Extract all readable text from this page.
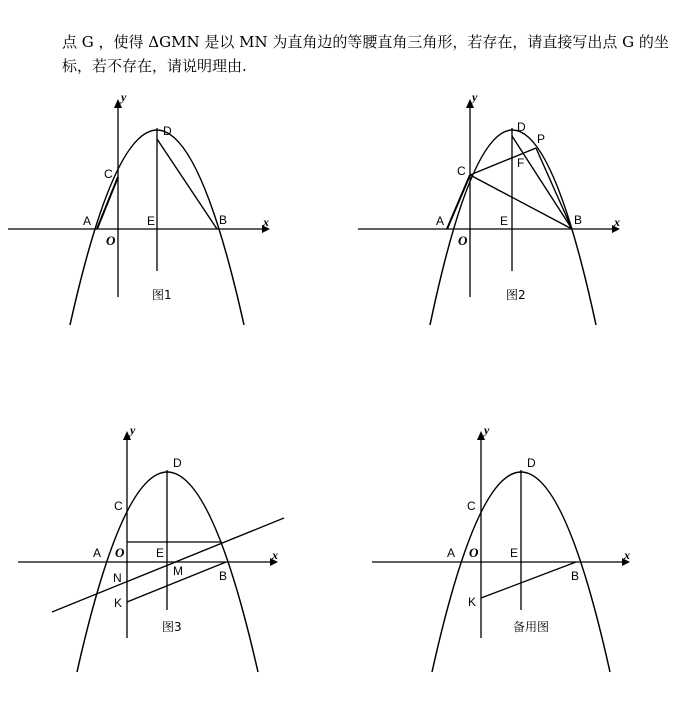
点 G ，使得 ΔGMN 是以 MN 为直角边的等腰直角三角形，若存在，请直接写出点 G 的坐

标，若不存在，请说明理由.

y
x
O
A	B
C
D
E
图1
y
x
O
A	B
C
D
E
F
P
图2
y
x
O
A
B
C
D
E
K
M
N
图3
y
x
O
A
B
C
D
E
K
备用图
